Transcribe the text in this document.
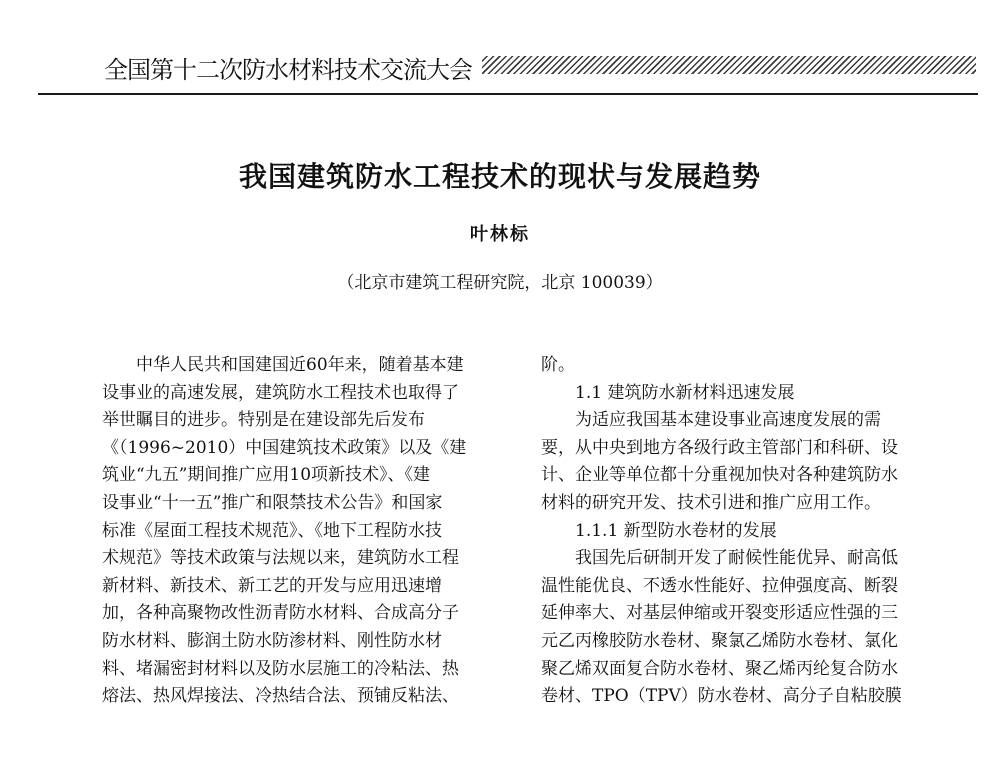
全国第十二次防水材料技术交流大会
我国建筑防水工程技术的现状与发展趋势
叶林标
（北京市建筑工程研究院，北京 100039）
中华人民共和国建国近60年来，随着基本建
设事业的高速发展，建筑防水工程技术也取得了
举世瞩目的进步。特别是在建设部先后发布
《（1996~2010）中国建筑技术政策》以及《建
筑业“九五”期间推广应用10项新技术》、《建
设事业“十一五”推广和限禁技术公告》和国家
标准《屋面工程技术规范》、《地下工程防水技
术规范》等技术政策与法规以来，建筑防水工程
新材料、新技术、新工艺的开发与应用迅速增
加，各种高聚物改性沥青防水材料、合成高分子
防水材料、膨润土防水防渗材料、刚性防水材
料、堵漏密封材料以及防水层施工的冷粘法、热
熔法、热风焊接法、冷热结合法、预铺反粘法、
阶。
1.1 建筑防水新材料迅速发展
为适应我国基本建设事业高速度发展的需
要，从中央到地方各级行政主管部门和科研、设
计、企业等单位都十分重视加快对各种建筑防水
材料的研究开发、技术引进和推广应用工作。
1.1.1 新型防水卷材的发展
我国先后研制开发了耐候性能优异、耐高低
温性能优良、不透水性能好、拉伸强度高、断裂
延伸率大、对基层伸缩或开裂变形适应性强的三
元乙丙橡胶防水卷材、聚氯乙烯防水卷材、氯化
聚乙烯双面复合防水卷材、聚乙烯丙纶复合防水
卷材、TPO（TPV）防水卷材、高分子自粘胶膜
